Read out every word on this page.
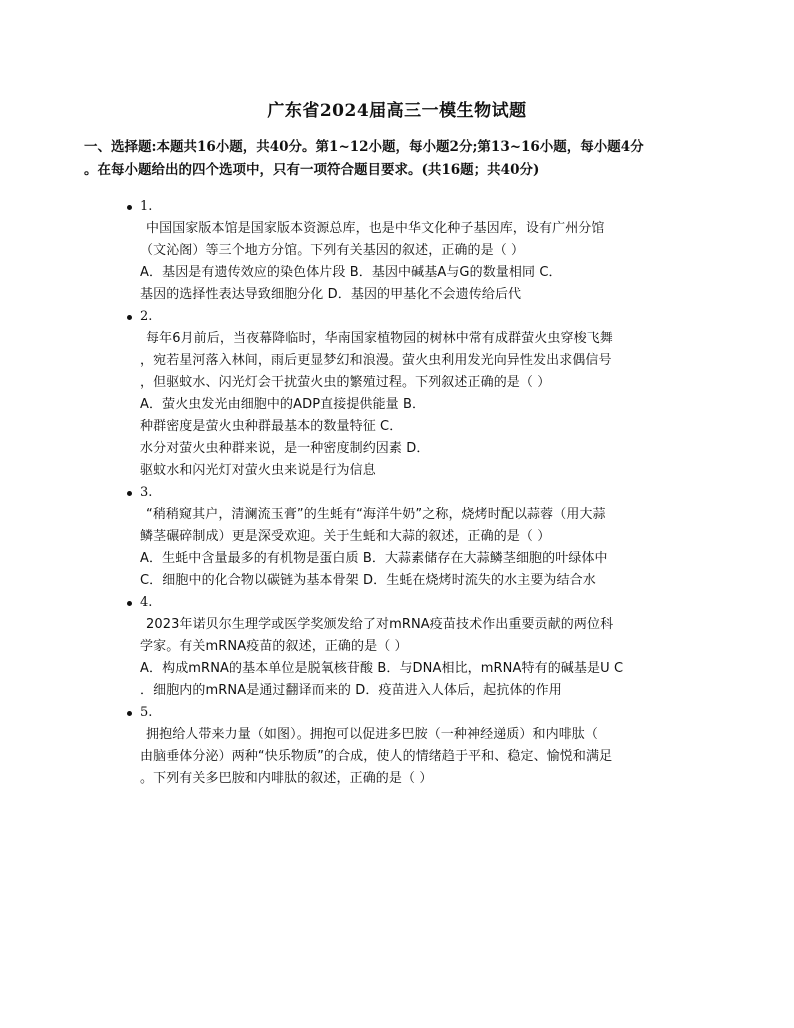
广东省2024届高三一模生物试题
一、选择题:本题共16小题，共40分。第1~12小题，每小题2分;第13~16小题，每小题4分
。在每小题给出的四个选项中，只有一项符合题目要求。(共16题；共40分)
1.
中国国家版本馆是国家版本资源总库，也是中华文化种子基因库，设有广州分馆
（文沁阁）等三个地方分馆。下列有关基因的叙述，正确的是（ ）
A．基因是有遗传效应的染色体片段 B．基因中碱基A与G的数量相同 C．
基因的选择性表达导致细胞分化 D．基因的甲基化不会遗传给后代
2.
每年6月前后，当夜幕降临时，华南国家植物园的树林中常有成群萤火虫穿梭飞舞
，宛若星河落入林间，雨后更显梦幻和浪漫。萤火虫利用发光向异性发出求偶信号
，但驱蚊水、闪光灯会干扰萤火虫的繁殖过程。下列叙述正确的是（ ）
A．萤火虫发光由细胞中的ADP直接提供能量 B．
种群密度是萤火虫种群最基本的数量特征 C．
水分对萤火虫种群来说，是一种密度制约因素 D．
驱蚊水和闪光灯对萤火虫来说是行为信息
3.
“稍稍窥其户，清澜流玉膏”的生蚝有“海洋牛奶”之称，烧烤时配以蒜蓉（用大蒜
鳞茎碾碎制成）更是深受欢迎。关于生蚝和大蒜的叙述，正确的是（ ）
A．生蚝中含量最多的有机物是蛋白质 B．大蒜素储存在大蒜鳞茎细胞的叶绿体中
C．细胞中的化合物以碳链为基本骨架 D．生蚝在烧烤时流失的水主要为结合水
4.
2023年诺贝尔生理学或医学奖颁发给了对mRNA疫苗技术作出重要贡献的两位科
学家。有关mRNA疫苗的叙述，正确的是（ ）
A．构成mRNA的基本单位是脱氧核苷酸 B．与DNA相比，mRNA特有的碱基是U C
．细胞内的mRNA是通过翻译而来的 D．疫苗进入人体后，起抗体的作用
5.
拥抱给人带来力量（如图）。拥抱可以促进多巴胺（一种神经递质）和内啡肽（
由脑垂体分泌）两种“快乐物质”的合成，使人的情绪趋于平和、稳定、愉悦和满足
。下列有关多巴胺和内啡肽的叙述，正确的是（ ）
